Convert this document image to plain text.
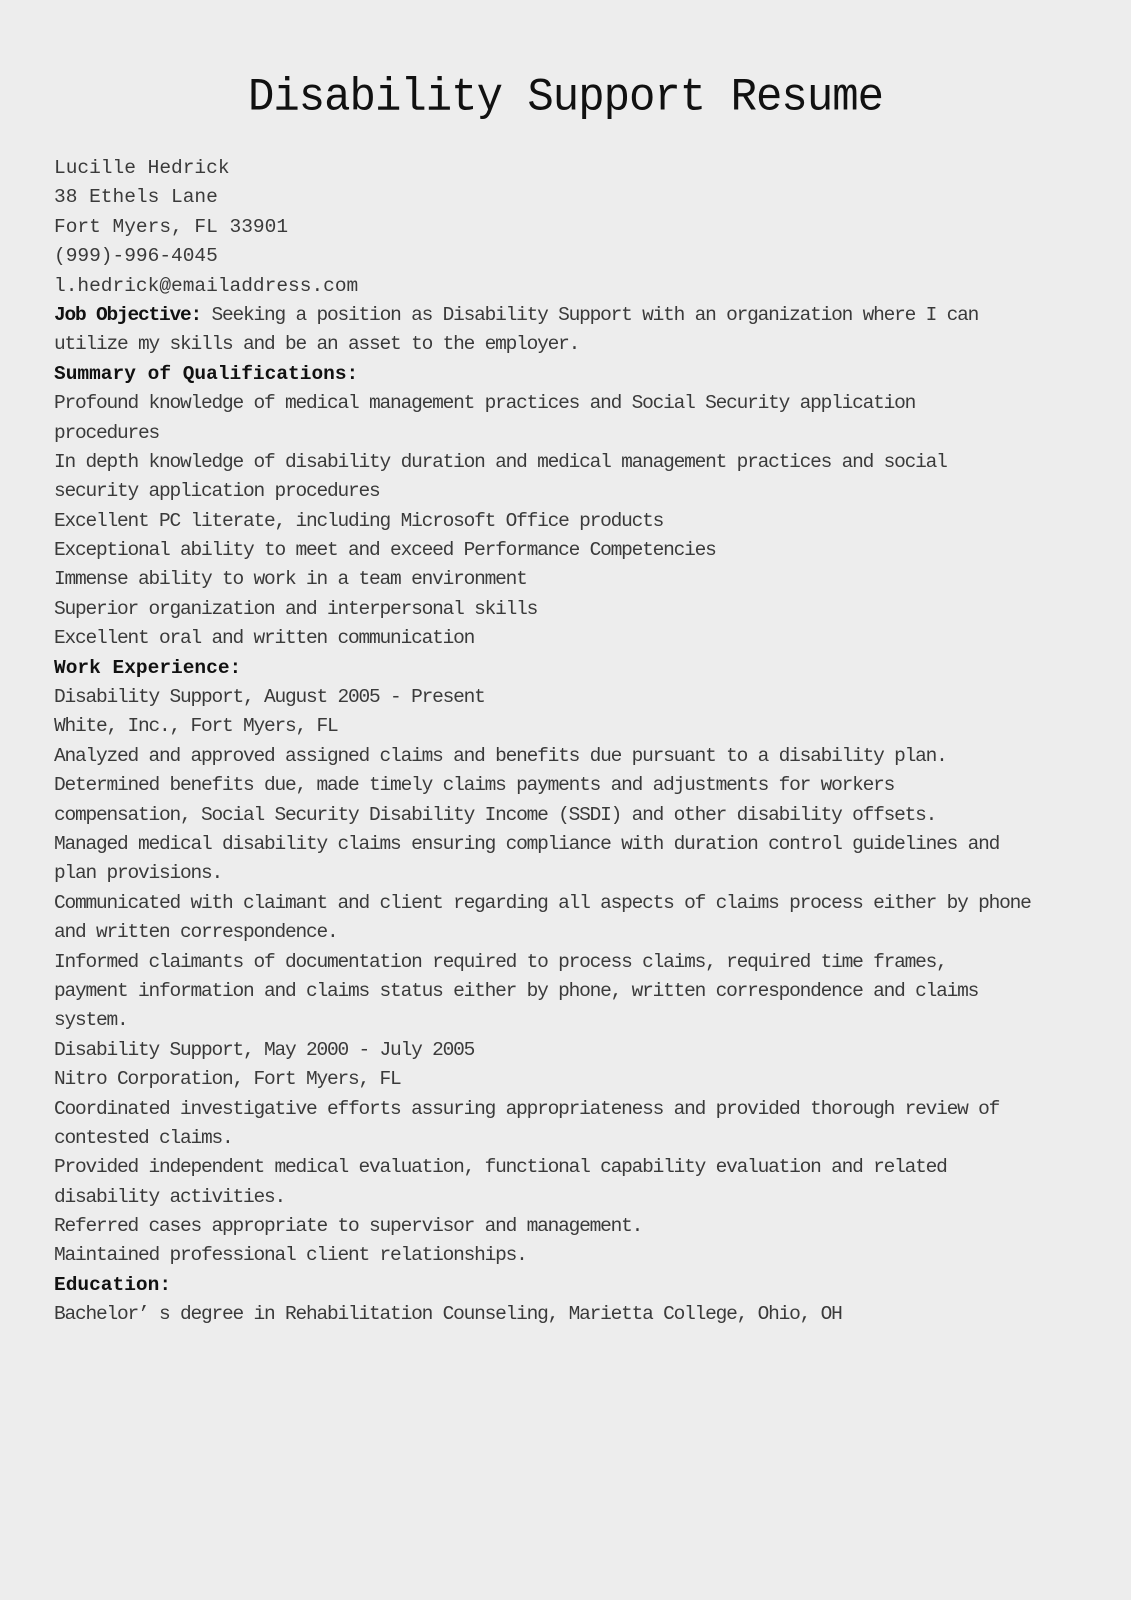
Disability Support Resume
Lucille Hedrick
38 Ethels Lane
Fort Myers, FL 33901
(999)-996-4045
l.hedrick@emailaddress.com
Job Objective: Seeking a position as Disability Support with an organization where I can
utilize my skills and be an asset to the employer.
Summary of Qualifications:
Profound knowledge of medical management practices and Social Security application
procedures
In depth knowledge of disability duration and medical management practices and social
security application procedures
Excellent PC literate, including Microsoft Office products
Exceptional ability to meet and exceed Performance Competencies
Immense ability to work in a team environment
Superior organization and interpersonal skills
Excellent oral and written communication
Work Experience:
Disability Support, August 2005 - Present
White, Inc., Fort Myers, FL
Analyzed and approved assigned claims and benefits due pursuant to a disability plan.
Determined benefits due, made timely claims payments and adjustments for workers
compensation, Social Security Disability Income (SSDI) and other disability offsets.
Managed medical disability claims ensuring compliance with duration control guidelines and
plan provisions.
Communicated with claimant and client regarding all aspects of claims process either by phone
and written correspondence.
Informed claimants of documentation required to process claims, required time frames,
payment information and claims status either by phone, written correspondence and claims
system.
Disability Support, May 2000 - July 2005
Nitro Corporation, Fort Myers, FL
Coordinated investigative efforts assuring appropriateness and provided thorough review of
contested claims.
Provided independent medical evaluation, functional capability evaluation and related
disability activities.
Referred cases appropriate to supervisor and management.
Maintained professional client relationships.
Education:
Bachelor’ s degree in Rehabilitation Counseling, Marietta College, Ohio, OH
